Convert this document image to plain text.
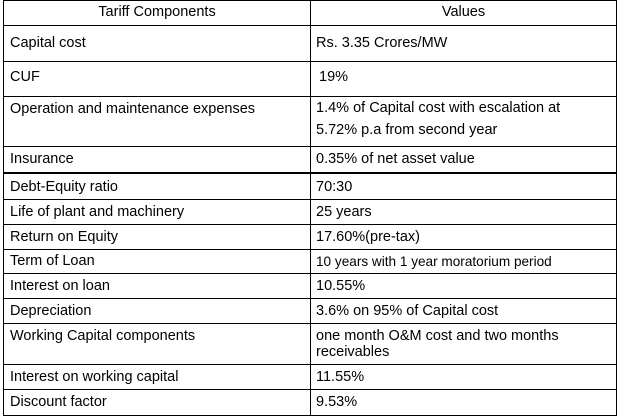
Tariff Components	Values
Capital cost	Rs. 3.35 Crores/MW
CUF	19%
Operation and maintenance expenses	1.4% of Capital cost with escalation at
5.72% p.a from second year
Insurance	0.35% of net asset value
Debt-Equity ratio	70:30
Life of plant and machinery	25 years
Return on Equity	17.60%(pre-tax)
Term of Loan	10 years with 1 year moratorium period
Interest on loan	10.55%
Depreciation	3.6% on 95% of Capital cost
Working Capital components	one month O&M cost and two months
receivables
Interest on working capital	11.55%
Discount factor	9.53%
